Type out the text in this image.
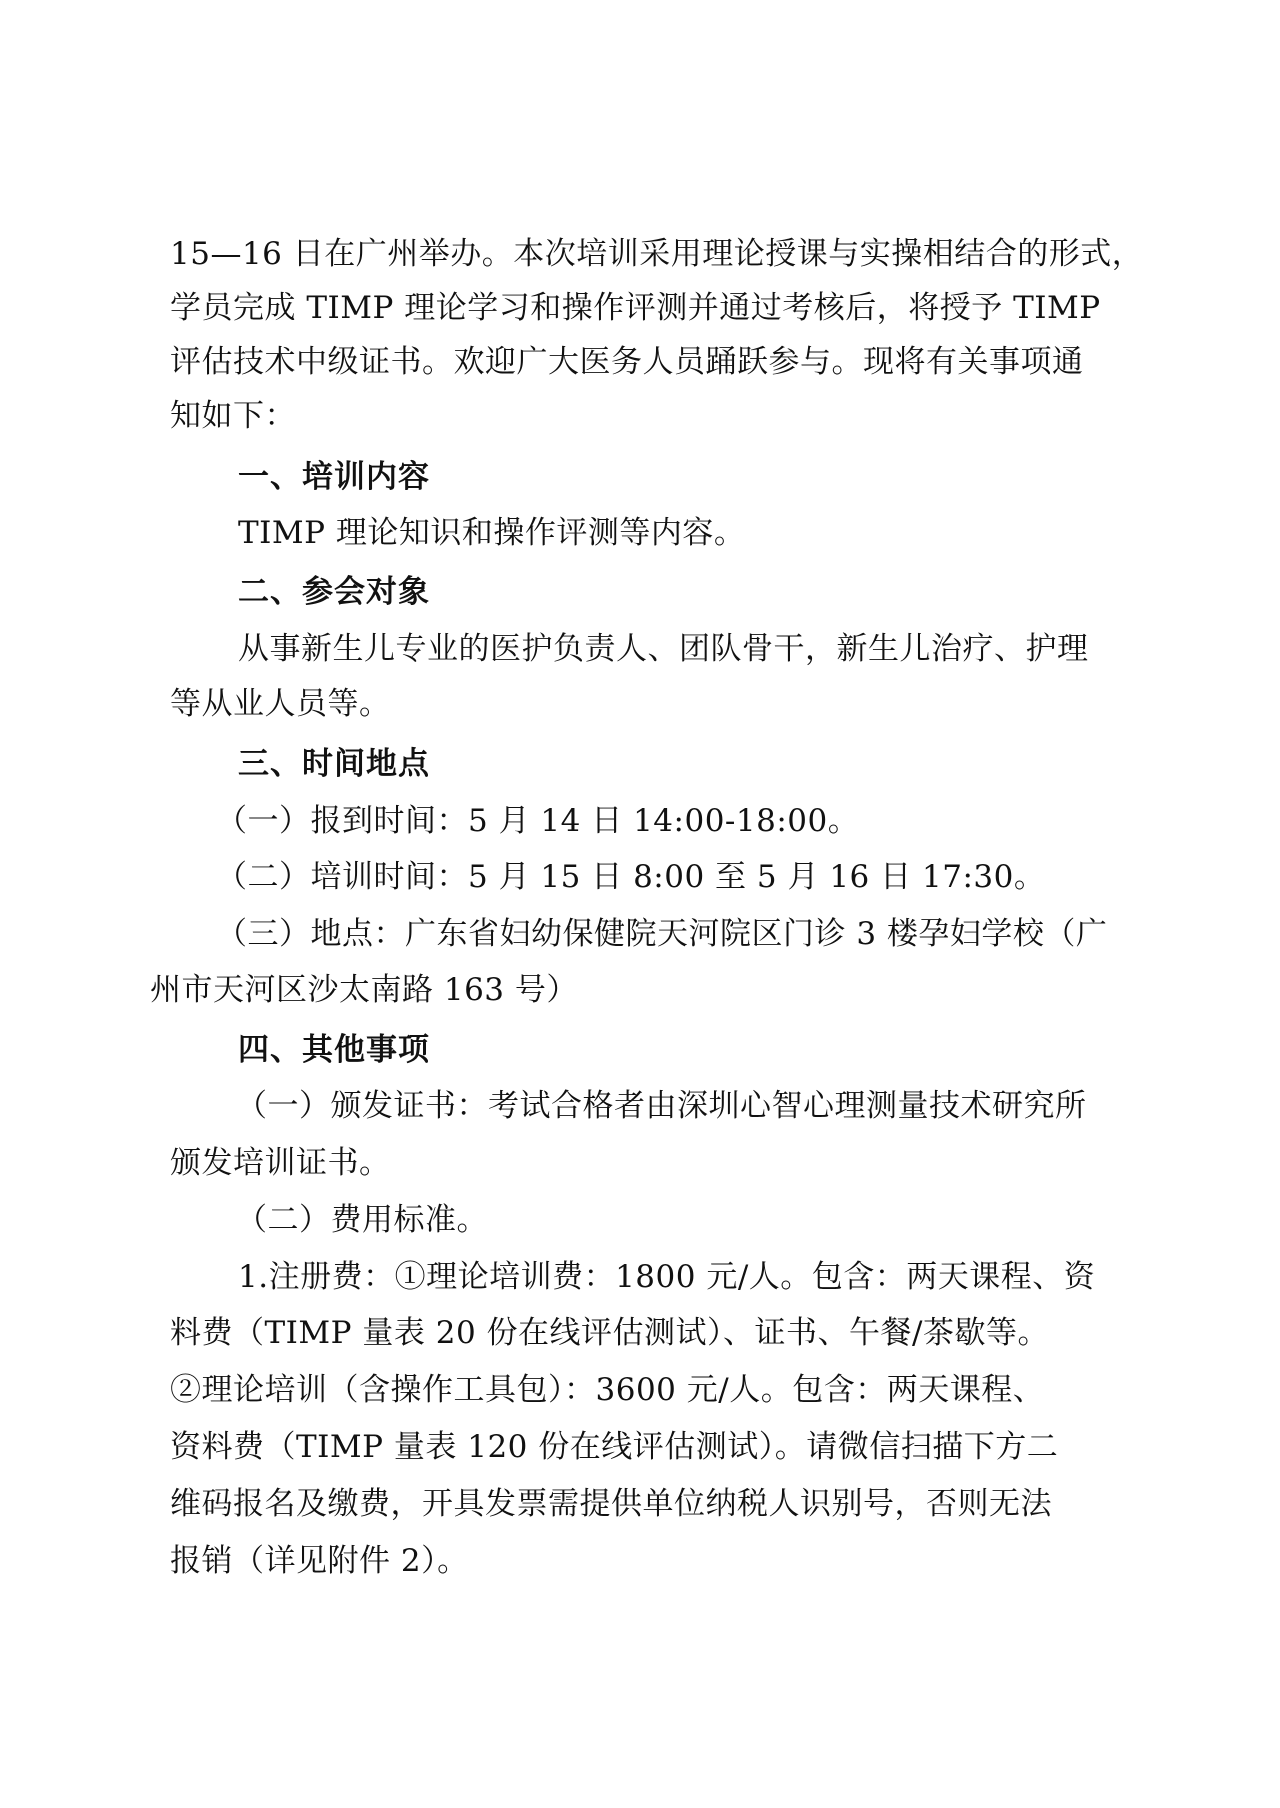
15—16 日在广州举办。本次培训采用理论授课与实操相结合的形式，
学员完成 TIMP 理论学习和操作评测并通过考核后，将授予 TIMP
评估技术中级证书。欢迎广大医务人员踊跃参与。现将有关事项通
知如下：
一、培训内容
TIMP 理论知识和操作评测等内容。
二、参会对象
从事新生儿专业的医护负责人、团队骨干，新生儿治疗、护理
等从业人员等。
三、时间地点
（一）报到时间：5 月 14 日 14:00-18:00。
（二）培训时间：5 月 15 日 8:00 至 5 月 16 日 17:30。
（三）地点：广东省妇幼保健院天河院区门诊 3 楼孕妇学校（广
州市天河区沙太南路 163 号）
四、其他事项
（一）颁发证书：考试合格者由深圳心智心理测量技术研究所
颁发培训证书。
（二）费用标准。
1.注册费：①理论培训费：1800 元/人。包含：两天课程、资
料费（TIMP 量表 20 份在线评估测试）、证书、午餐/茶歇等。
②理论培训（含操作工具包）：3600 元/人。包含：两天课程、
资料费（TIMP 量表 120 份在线评估测试）。请微信扫描下方二
维码报名及缴费，开具发票需提供单位纳税人识别号，否则无法
报销（详见附件 2）。
